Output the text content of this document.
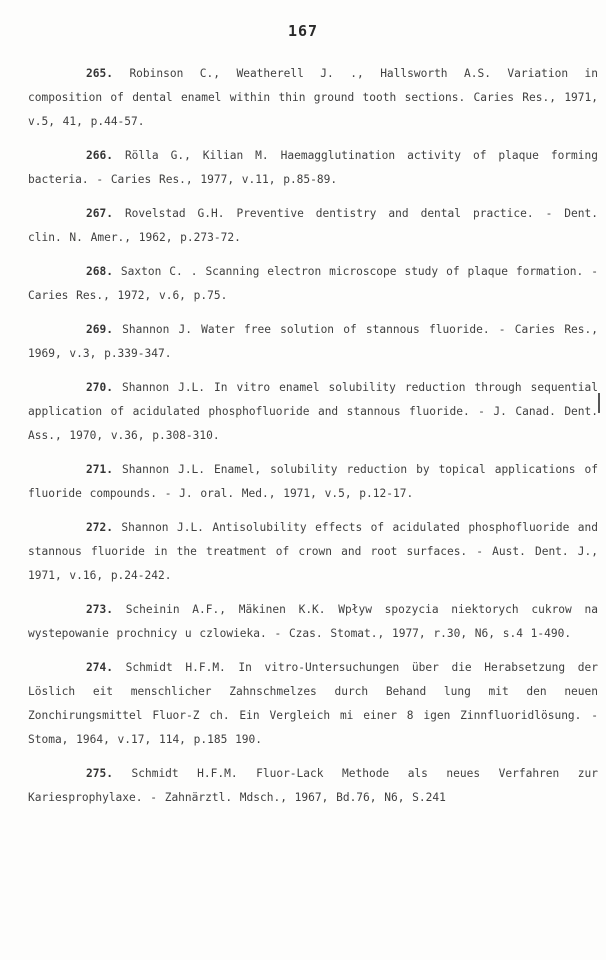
167

265. Robinson C., Weatherell J. ., Hallsworth A.S. Variation in composition of dental enamel within thin ground tooth sections. Caries Res., 1971, v.5, 41, p.44-57.

266. Rölla G., Kilian M. Haemagglutination activity of plaque forming bacteria. - Caries Res., 1977, v.11, p.85-89.

267. Rovelstad G.H. Preventive dentistry and dental practice. - Dent. clin. N. Amer., 1962, p.273-72.

268. Saxton C. . Scanning electron microscope study of plaque formation. - Caries Res., 1972, v.6, p.75.

269. Shannon J. Water free solution of stannous fluoride. - Caries Res., 1969, v.3, p.339-347.

270. Shannon J.L. In vitro enamel solubility reduction through sequential application of acidulated phosphofluoride and stannous fluoride. - J. Canad. Dent. Ass., 1970, v.36, p.308-310.

271. Shannon J.L. Enamel, solubility reduction by topical applications of fluoride compounds. - J. oral. Med., 1971, v.5, p.12-17.

272. Shannon J.L. Antisolubility effects of acidulated phosphofluoride and stannous fluoride in the treatment of crown and root surfaces. - Aust. Dent. J., 1971, v.16, p.24-242.

273. Scheinin A.F., Mäkinen K.K. Wpływ spozycia niektorych cukrow na wystepowanie prochnicy u czlowieka. - Czas. Stomat., 1977, r.30, N6, s.4 1-490.

274. Schmidt H.F.M. In vitro-Untersuchungen über die Herabsetzung der Löslich eit menschlicher Zahnschmelzes durch Behand lung mit den neuen Zonchirungsmittel Fluor-Z ch. Ein Vergleich mi einer 8 igen Zinnfluoridlösung. - Stoma, 1964, v.17, 114, p.185 190.

275. Schmidt H.F.M. Fluor-Lack Methode als neues Verfahren zur Kariesprophylaxe. - Zahnärztl. Mdsch., 1967, Bd.76, N6, S.241
